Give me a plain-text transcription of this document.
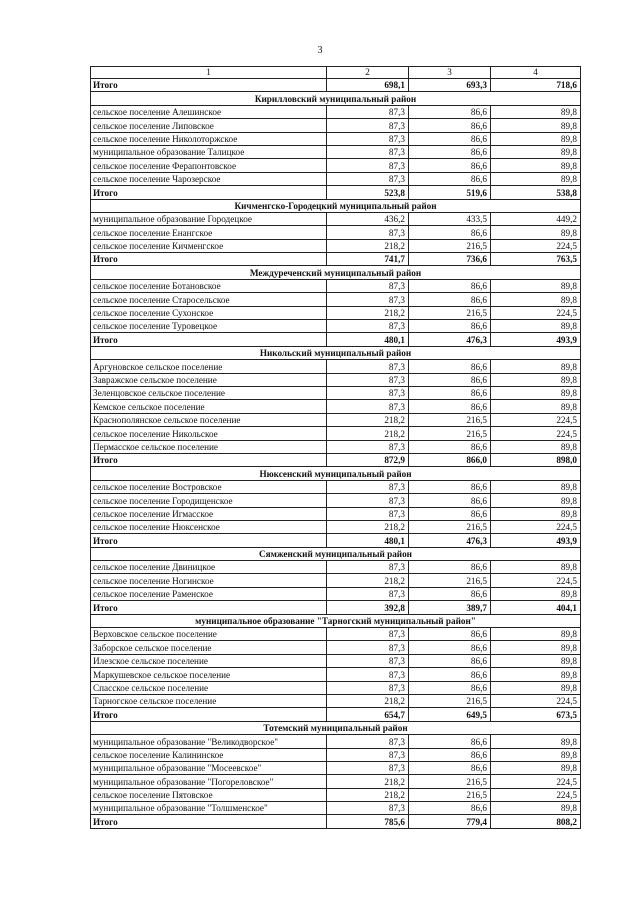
3
1	2	3	4
Итого	698,1	693,3	718,6
Кирилловский муниципальный район			
сельское поселение Алешинское	87,3	86,6	89,8
сельское поселение Липовское	87,3	86,6	89,8
сельское поселение Николоторжское	87,3	86,6	89,8
муниципальное образование Талицкое	87,3	86,6	89,8
сельское поселение Ферапонтовское	87,3	86,6	89,8
сельское поселение Чарозерское	87,3	86,6	89,8
Итого	523,8	519,6	538,8
Кичменгско-Городецкий муниципальный район			
муниципальное образование Городецкое	436,2	433,5	449,2
сельское поселение Енангское	87,3	86,6	89,8
сельское поселение Кичменгское	218,2	216,5	224,5
Итого	741,7	736,6	763,5
Междуреченский муниципальный район			
сельское поселение Ботановское	87,3	86,6	89,8
сельское поселение Старосельское	87,3	86,6	89,8
сельское поселение Сухонское	218,2	216,5	224,5
сельское поселение Туровецкое	87,3	86,6	89,8
Итого	480,1	476,3	493,9
Никольский муниципальный район			
Аргуновское сельское поселение	87,3	86,6	89,8
Завражское сельское поселение	87,3	86,6	89,8
Зеленцовское сельское поселение	87,3	86,6	89,8
Кемское сельское поселение	87,3	86,6	89,8
Краснополянское сельское поселение	218,2	216,5	224,5
сельское поселение Никольское	218,2	216,5	224,5
Пермасское сельское поселение	87,3	86,6	89,8
Итого	872,9	866,0	898,0
Нюксенский муниципальный район			
сельское поселение Востровское	87,3	86,6	89,8
сельское поселение Городищенское	87,3	86,6	89,8
сельское поселение Игмасское	87,3	86,6	89,8
сельское поселение Нюксенское	218,2	216,5	224,5
Итого	480,1	476,3	493,9
Сямженский муниципальный район			
сельское поселение Двиницкое	87,3	86,6	89,8
сельское поселение Ногинское	218,2	216,5	224,5
сельское поселение Раменское	87,3	86,6	89,8
Итого	392,8	389,7	404,1
муниципальное образование "Тарногский муниципальный район"			
Верховское сельское поселение	87,3	86,6	89,8
Заборское сельское поселение	87,3	86,6	89,8
Илезское сельское поселение	87,3	86,6	89,8
Маркушевское сельское поселение	87,3	86,6	89,8
Спасское сельское поселение	87,3	86,6	89,8
Тарногское сельское поселение	218,2	216,5	224,5
Итого	654,7	649,5	673,5
Тотемский муниципальный район			
муниципальное образование "Великодворское"	87,3	86,6	89,8
сельское поселение Калининское	87,3	86,6	89,8
муниципальное образование "Мосеевское"	87,3	86,6	89,8
муниципальное образование "Погореловское"	218,2	216,5	224,5
сельское поселение Пятовское	218,2	216,5	224,5
муниципальное образование "Толшменское"	87,3	86,6	89,8
Итого	785,6	779,4	808,2
